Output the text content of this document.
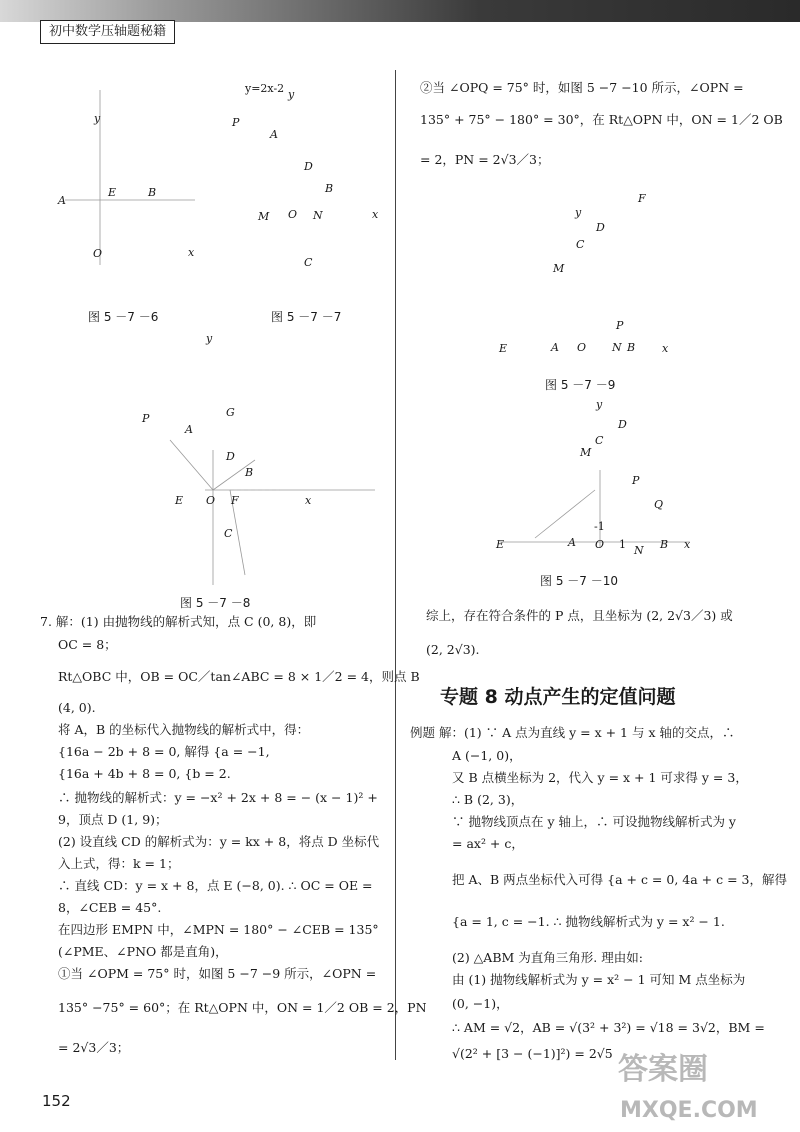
初中数学压轴题秘籍
y=2x-2 y
y	P
A
E	B
A
O	x
D
B
M O N	x
C
图 5 －7 －6	图 5 －7 －7
y
P	G
A
D
B
E O F	x
C
图 5 －7 －8
7. 解：(1) 由抛物线的解析式知，点 C (0, 8)，即
OC = 8；
Rt△OBC 中，OB = OC／tan∠ABC = 8 × 1／2 = 4，则点 B
(4, 0).
将 A，B 的坐标代入抛物线的解析式中，得：
{16a − 2b + 8 = 0, 解得 {a = −1,
{16a + 4b + 8 = 0, {b = 2.
∴ 抛物线的解析式：y = −x² + 2x + 8 = − (x − 1)² +
9，顶点 D (1, 9)；
(2) 设直线 CD 的解析式为：y = kx + 8，将点 D 坐标代
入上式，得：k = 1；
∴ 直线 CD：y = x + 8，点 E (−8, 0). ∴ OC = OE =
8，∠CEB = 45°.
在四边形 EMPN 中，∠MPN = 180° − ∠CEB = 135°
(∠PME、∠PNO 都是直角)，
①当 ∠OPM = 75° 时，如图 5 −7 −9 所示，∠OPN =
135° −75° = 60°；在 Rt△OPN 中，ON = 1／2 OB = 2，PN
= 2√3／3；
②当 ∠OPQ = 75° 时，如图 5 −7 −10 所示，∠OPN =
135° + 75° − 180° = 30°，在 Rt△OPN 中，ON = 1／2 OB
= 2，PN = 2√3／3；
F
y
D
C
M
P
E	A O N B x
图 5 －7 －9
y
D
C
M
P
Q
-1
E	A O 1 N B x
图 5 －7 －10
综上，存在符合条件的 P 点，且坐标为 (2, 2√3／3) 或
(2, 2√3).
专题 8 动点产生的定值问题
例题 解：(1) ∵ A 点为直线 y = x + 1 与 x 轴的交点，∴
A (−1, 0)，
又 B 点横坐标为 2，代入 y = x + 1 可求得 y = 3，
∴ B (2, 3)，
∵ 抛物线顶点在 y 轴上，∴ 可设抛物线解析式为 y
= ax² + c，
把 A、B 两点坐标代入可得 {a + c = 0, 4a + c = 3，解得
{a = 1, c = −1. ∴ 抛物线解析式为 y = x² − 1.
(2) △ABM 为直角三角形. 理由如:
由 (1) 抛物线解析式为 y = x² − 1 可知 M 点坐标为
(0, −1)，
∴ AM = √2，AB = √(3² + 3²) = √18 = 3√2，BM =
√(2² + [3 − (−1)]²) = 2√5
152
答案圈
MXQE.COM
